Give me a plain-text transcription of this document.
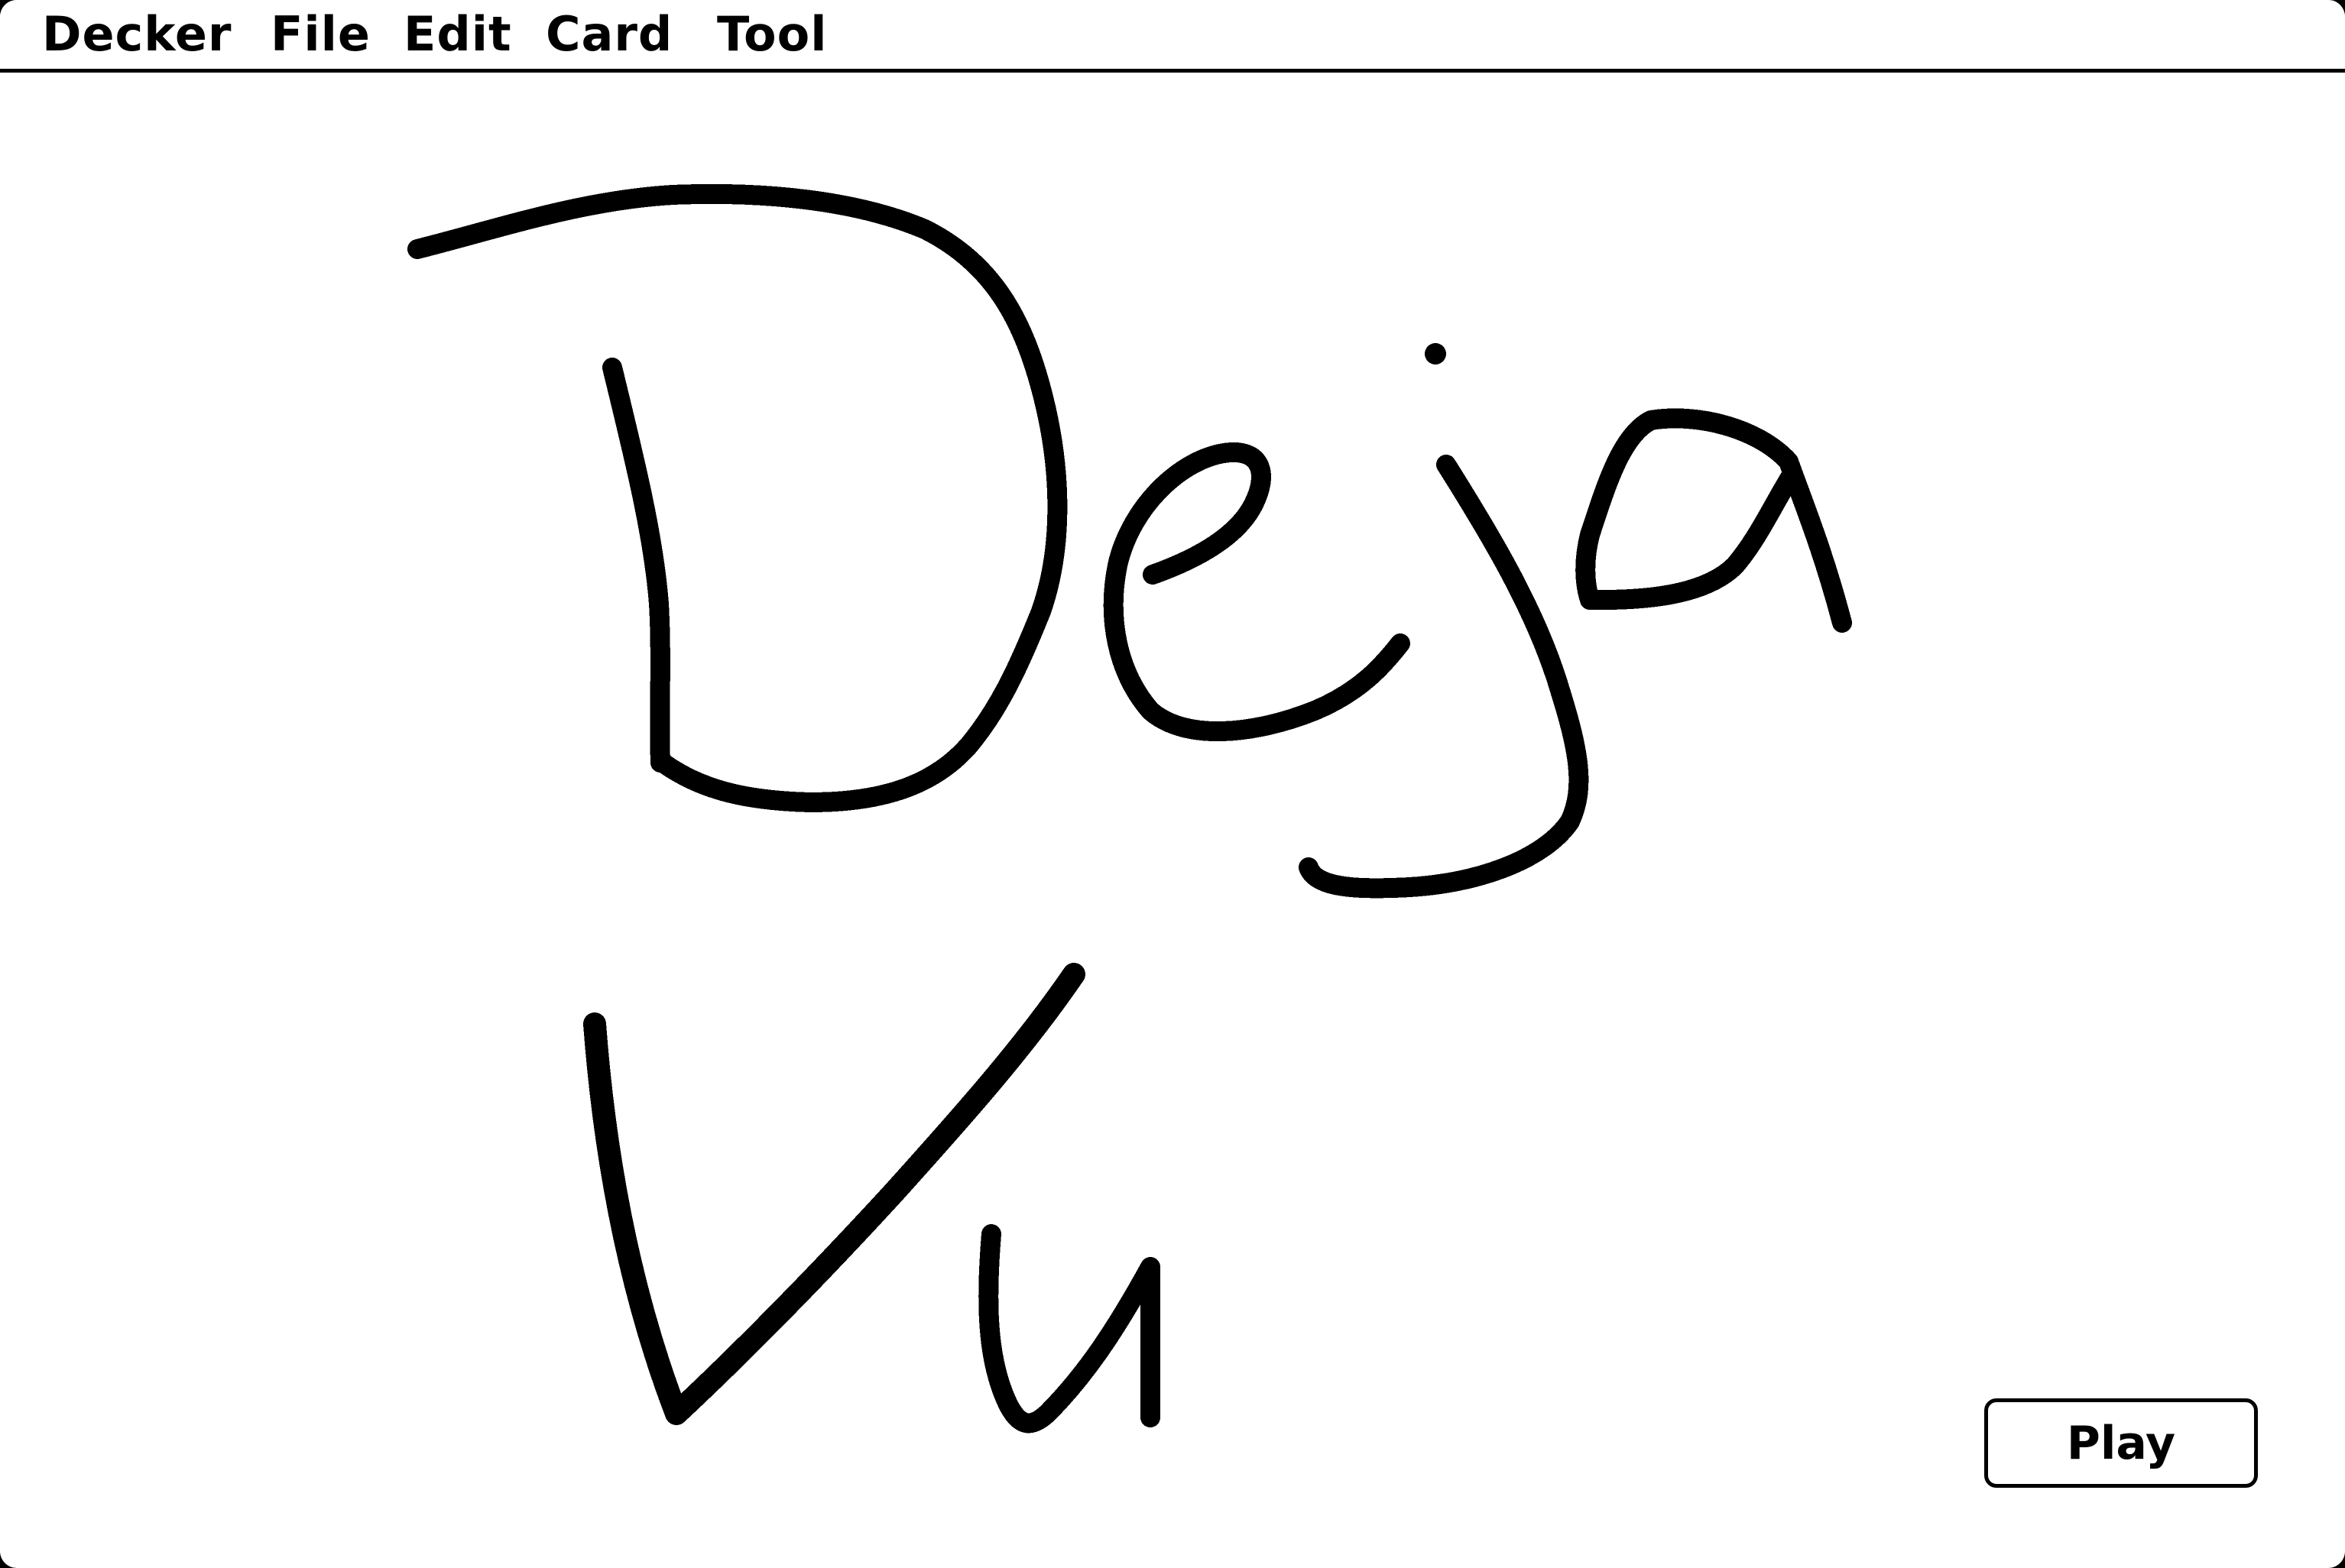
Decker File Edit Card Tool
Play
